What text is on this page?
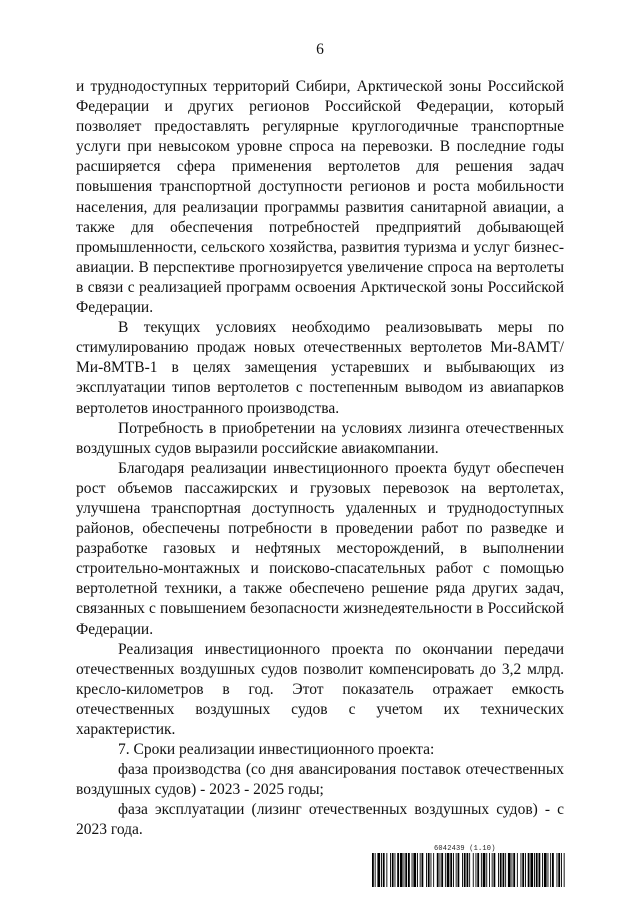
6

и труднодоступных территорий Сибири, Арктической зоны Российской Федерации и других регионов Российской Федерации, который позволяет предоставлять регулярные круглогодичные транспортные услуги при невысоком уровне спроса на перевозки. В последние годы расширяется сфера применения вертолетов для решения задач повышения транспортной доступности регионов и роста мобильности населения, для реализации программы развития санитарной авиации, а также для обеспечения потребностей предприятий добывающей промышленности, сельского хозяйства, развития туризма и услуг бизнес-авиации. В перспективе прогнозируется увеличение спроса на вертолеты в связи с реализацией программ освоения Арктической зоны Российской Федерации.

В текущих условиях необходимо реализовывать меры по стимулированию продаж новых отечественных вертолетов Ми-8АМТ/Ми-8МТВ-1 в целях замещения устаревших и выбывающих из эксплуатации типов вертолетов с постепенным выводом из авиапарков вертолетов иностранного производства.

Потребность в приобретении на условиях лизинга отечественных воздушных судов выразили российские авиакомпании.

Благодаря реализации инвестиционного проекта будут обеспечен рост объемов пассажирских и грузовых перевозок на вертолетах, улучшена транспортная доступность удаленных и труднодоступных районов, обеспечены потребности в проведении работ по разведке и разработке газовых и нефтяных месторождений, в выполнении строительно-монтажных и поисково-спасательных работ с помощью вертолетной техники, а также обеспечено решение ряда других задач, связанных с повышением безопасности жизнедеятельности в Российской Федерации.

Реализация инвестиционного проекта по окончании передачи отечественных воздушных судов позволит компенсировать до 3,2 млрд. кресло-километров в год. Этот показатель отражает емкость отечественных воздушных судов с учетом их технических характеристик.

7. Сроки реализации инвестиционного проекта:

фаза производства (со дня авансирования поставок отечественных воздушных судов) - 2023 - 2025 годы;

фаза эксплуатации (лизинг отечественных воздушных судов) - с 2023 года.

6042439 (1.10)
